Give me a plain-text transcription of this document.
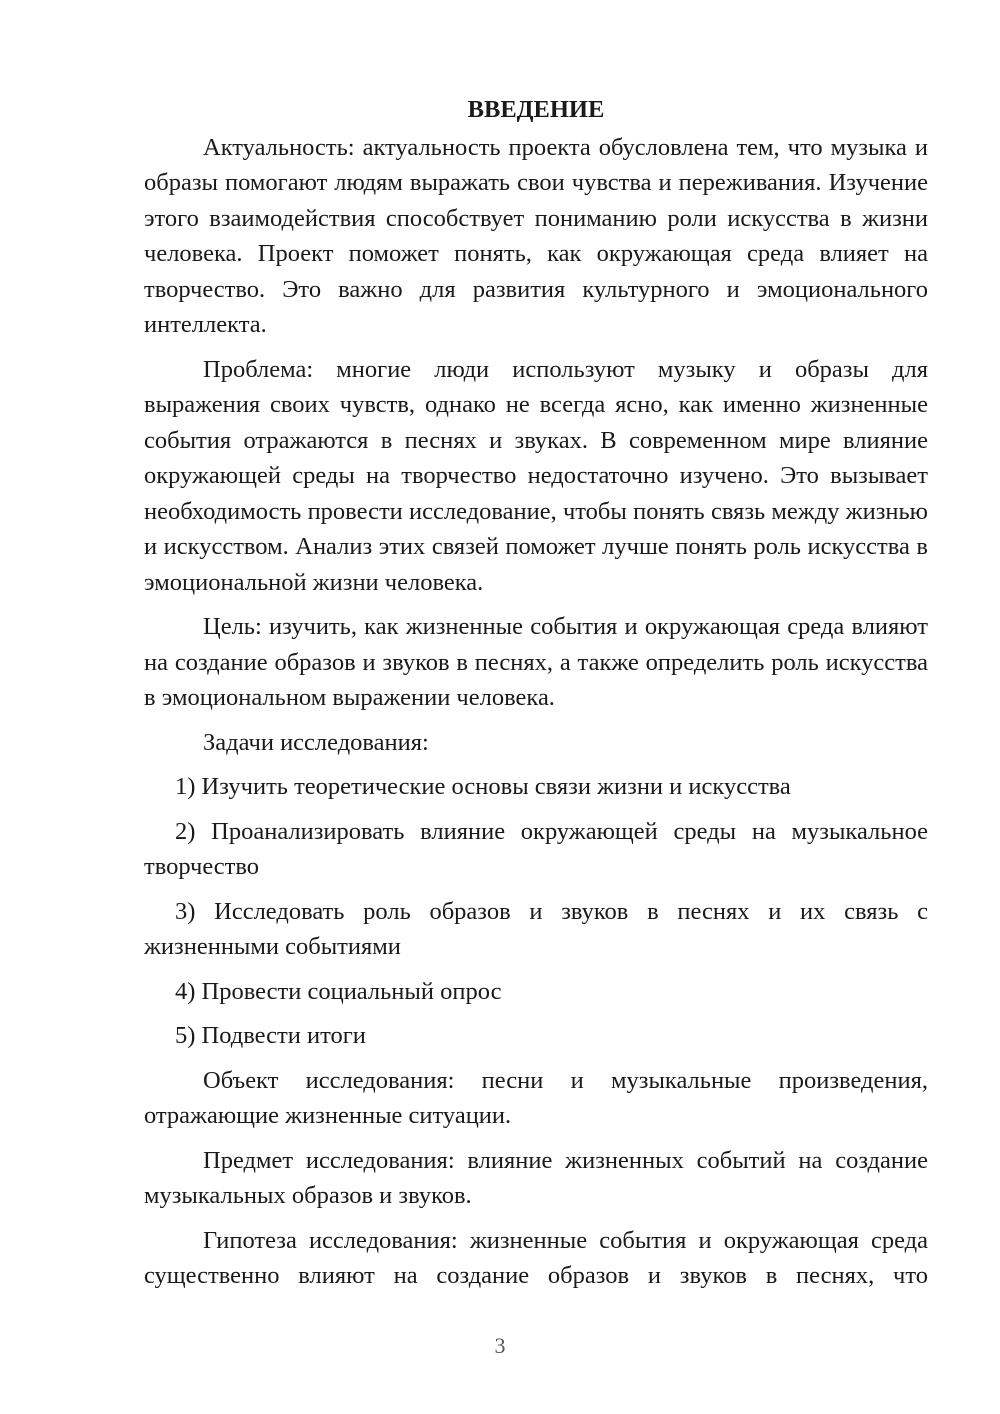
ВВЕДЕНИЕ

Актуальность: актуальность проекта обусловлена тем, что музыка и образы помогают людям выражать свои чувства и переживания. Изучение этого взаимодействия способствует пониманию роли искусства в жизни человека. Проект поможет понять, как окружающая среда влияет на творчество. Это важно для развития культурного и эмоционального интеллекта.

Проблема: многие люди используют музыку и образы для выражения своих чувств, однако не всегда ясно, как именно жизненные события отражаются в песнях и звуках. В современном мире влияние окружающей среды на творчество недостаточно изучено. Это вызывает необходимость провести исследование, чтобы понять связь между жизнью и искусством. Анализ этих связей поможет лучше понять роль искусства в эмоциональной жизни человека.

Цель: изучить, как жизненные события и окружающая среда влияют на создание образов и звуков в песнях, а также определить роль искусства в эмоциональном выражении человека.

Задачи исследования:

1) Изучить теоретические основы связи жизни и искусства

2) Проанализировать влияние окружающей среды на музыкальное творчество

3) Исследовать роль образов и звуков в песнях и их связь с жизненными событиями

4) Провести социальный опрос

5) Подвести итоги

Объект исследования: песни и музыкальные произведения, отражающие жизненные ситуации.

Предмет исследования: влияние жизненных событий на создание музыкальных образов и звуков.

Гипотеза исследования: жизненные события и окружающая среда существенно влияют на создание образов и звуков в песнях, что

3
